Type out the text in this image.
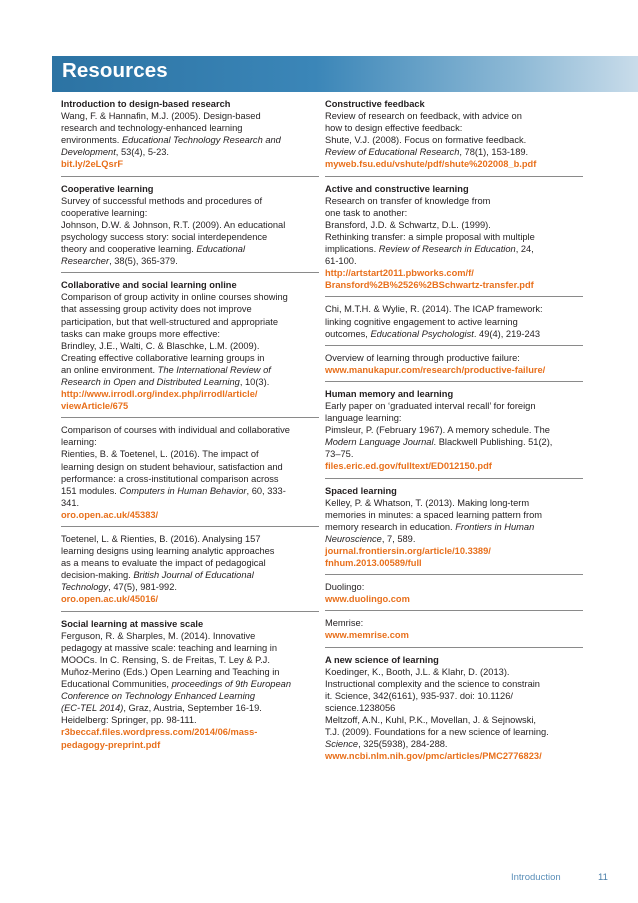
Resources
Introduction to design-based research
Wang, F. & Hannafin, M.J. (2005). Design-based
research and technology-enhanced learning
environments. Educational Technology Research and
Development, 53(4), 5-23.
bit.ly/2eLQsrF
Cooperative learning
Survey of successful methods and procedures of
cooperative learning:
Johnson, D.W. & Johnson, R.T. (2009). An educational
psychology success story: social interdependence
theory and cooperative learning. Educational
Researcher, 38(5), 365-379.
Collaborative and social learning online
Comparison of group activity in online courses showing
that assessing group activity does not improve
participation, but that well-structured and appropriate
tasks can make groups more effective:
Brindley, J.E., Walti, C. & Blaschke, L.M. (2009).
Creating effective collaborative learning groups in
an online environment. The International Review of
Research in Open and Distributed Learning, 10(3).
http://www.irrodl.org/index.php/irrodl/article/
viewArticle/675
Comparison of courses with individual and collaborative
learning:
Rienties, B. & Toetenel, L. (2016). The impact of
learning design on student behaviour, satisfaction and
performance: a cross-institutional comparison across
151 modules. Computers in Human Behavior, 60, 333-
341.
oro.open.ac.uk/45383/
Toetenel, L. & Rienties, B. (2016). Analysing 157
learning designs using learning analytic approaches
as a means to evaluate the impact of pedagogical
decision-making. British Journal of Educational
Technology, 47(5), 981-992.
oro.open.ac.uk/45016/
Social learning at massive scale
Ferguson, R. & Sharples, M. (2014). Innovative
pedagogy at massive scale: teaching and learning in
MOOCs. In C. Rensing, S. de Freitas, T. Ley & P.J.
Muñoz-Merino (Eds.) Open Learning and Teaching in
Educational Communities, proceedings of 9th European
Conference on Technology Enhanced Learning
(EC-TEL 2014), Graz, Austria, September 16-19.
Heidelberg: Springer, pp. 98-111.
r3beccaf.files.wordpress.com/2014/06/mass-
pedagogy-preprint.pdf
Constructive feedback
Review of research on feedback, with advice on
how to design effective feedback:
Shute, V.J. (2008). Focus on formative feedback.
Review of Educational Research, 78(1), 153-189.
myweb.fsu.edu/vshute/pdf/shute%202008_b.pdf
Active and constructive learning
Research on transfer of knowledge from
one task to another:
Bransford, J.D. & Schwartz, D.L. (1999).
Rethinking transfer: a simple proposal with multiple
implications. Review of Research in Education, 24,
61-100.
http://artstart2011.pbworks.com/f/
Bransford%2B%2526%2BSchwartz-transfer.pdf
Chi, M.T.H. & Wylie, R. (2014). The ICAP framework:
linking cognitive engagement to active learning
outcomes, Educational Psychologist. 49(4), 219-243
Overview of learning through productive failure:
www.manukapur.com/research/productive-failure/
Human memory and learning
Early paper on ‘graduated interval recall’ for foreign
language learning:
Pimsleur, P. (February 1967). A memory schedule. The
Modern Language Journal. Blackwell Publishing. 51(2),
73–75.
files.eric.ed.gov/fulltext/ED012150.pdf
Spaced learning
Kelley, P. & Whatson, T. (2013). Making long-term
memories in minutes: a spaced learning pattern from
memory research in education. Frontiers in Human
Neuroscience, 7, 589.
journal.frontiersin.org/article/10.3389/
fnhum.2013.00589/full
Duolingo:
www.duolingo.com
Memrise:
www.memrise.com
A new science of learning
Koedinger, K., Booth, J.L. & Klahr, D. (2013).
Instructional complexity and the science to constrain
it. Science, 342(6161), 935-937. doi: 10.1126/
science.1238056
Meltzoff, A.N., Kuhl, P.K., Movellan, J. & Sejnowski,
T.J. (2009). Foundations for a new science of learning.
Science, 325(5938), 284-288.
www.ncbi.nlm.nih.gov/pmc/articles/PMC2776823/
Introduction	11
